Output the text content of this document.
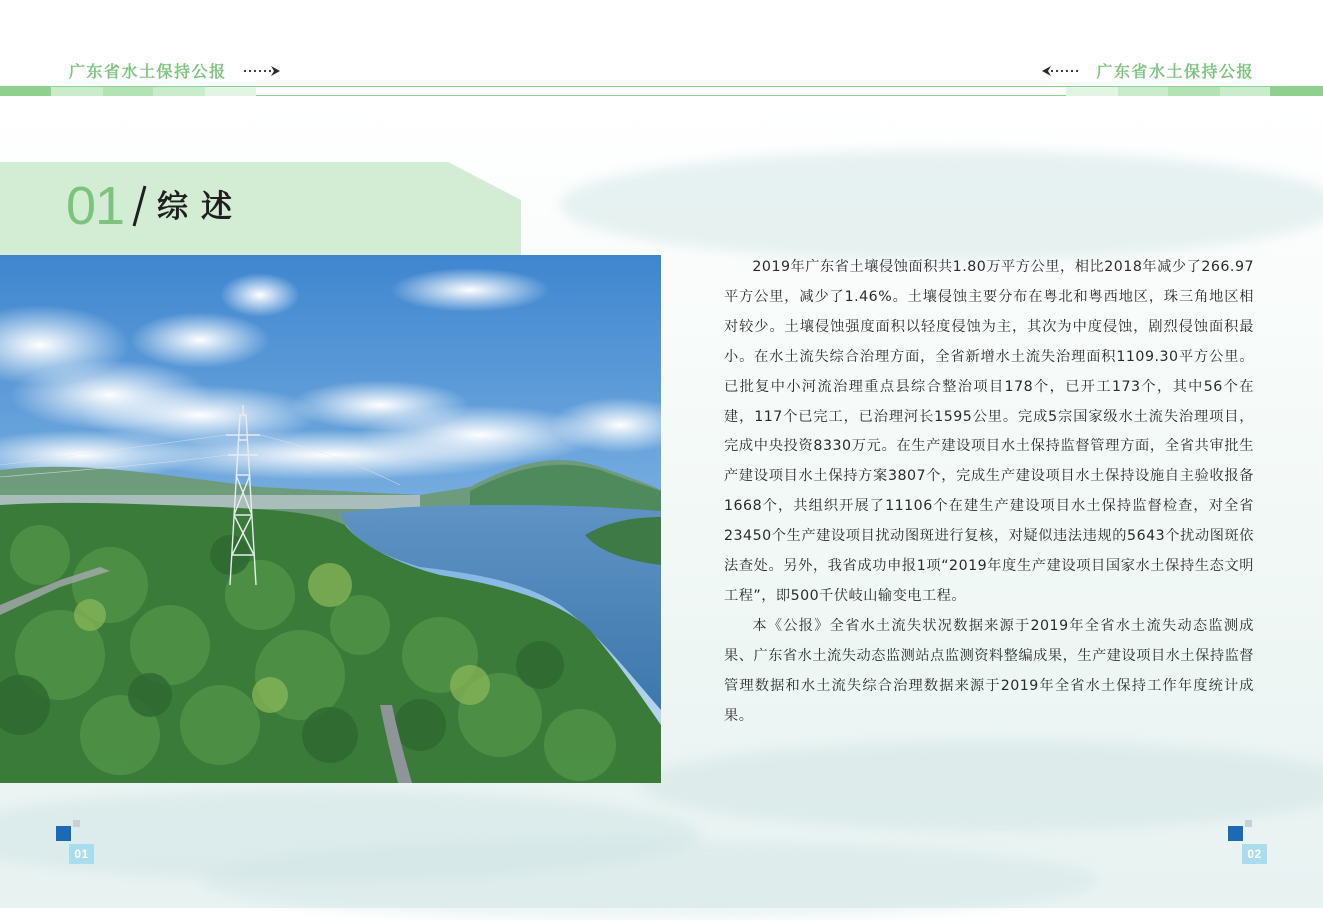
广东省水土保持公报	广东省水土保持公报
01 综述

2019年广东省土壤侵蚀面积共1.80万平方公里，相比2018年减少了266.97平方公里，减少了1.46%。土壤侵蚀主要分布在粤北和粤西地区，珠三角地区相对较少。土壤侵蚀强度面积以轻度侵蚀为主，其次为中度侵蚀，剧烈侵蚀面积最小。在水土流失综合治理方面，全省新增水土流失治理面积1109.30平方公里。已批复中小河流治理重点县综合整治项目178个，已开工173个，其中56个在建，117个已完工，已治理河长1595公里。完成5宗国家级水土流失治理项目，完成中央投资8330万元。在生产建设项目水土保持监督管理方面，全省共审批生产建设项目水土保持方案3807个，完成生产建设项目水土保持设施自主验收报备1668个，共组织开展了11106个在建生产建设项目水土保持监督检查，对全省23450个生产建设项目扰动图斑进行复核，对疑似违法违规的5643个扰动图斑依法查处。另外，我省成功申报1项“2019年度生产建设项目国家水土保持生态文明工程”，即500千伏岐山输变电工程。

本《公报》全省水土流失状况数据来源于2019年全省水土流失动态监测成果、广东省水土流失动态监测站点监测资料整编成果，生产建设项目水土保持监督管理数据和水土流失综合治理数据来源于2019年全省水土保持工作年度统计成果。

01	02
